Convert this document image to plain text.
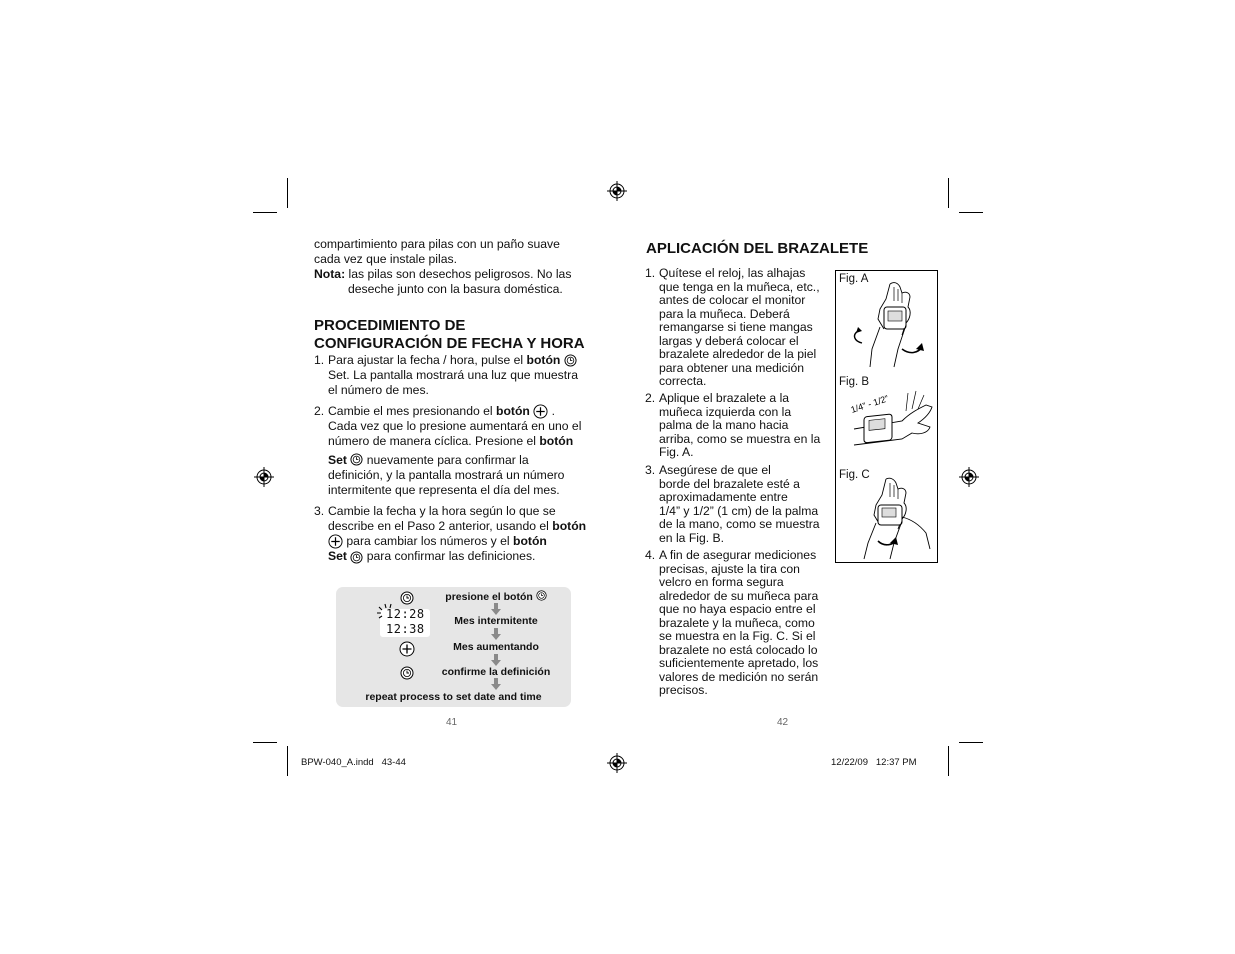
compartimiento para pilas con un paño suave
cada vez que instale pilas.
Nota: las pilas son desechos peligrosos. No las
deseche junto con la basura doméstica.
PROCEDIMIENTO DE
CONFIGURACIÓN DE FECHA Y HORA
1. Para ajustar la fecha / hora, pulse el botón
Set. La pantalla mostrará una luz que muestra
el número de mes.
2. Cambie el mes presionando el botón .
Cada vez que lo presione aumentará en uno el
número de manera cíclica. Presione el botón
Set nuevamente para confirmar la
definición, y la pantalla mostrará un número
intermitente que representa el día del mes.
3. Cambie la fecha y la hora según lo que se
describe en el Paso 2 anterior, usando el botón
para cambiar los números y el botón
Set para confirmar las definiciones.
12:28
12:38
presione el botón
Mes intermitente
Mes aumentando
confirme la definición
repeat process to set date and time
APLICACIÓN DEL BRAZALETE
1. Quítese el reloj, las alhajas
que tenga en la muñeca, etc.,
antes de colocar el monitor
para la muñeca. Deberá
remangarse si tiene mangas
largas y deberá colocar el
brazalete alrededor de la piel
para obtener una medición
correcta.
2. Aplique el brazalete a la
muñeca izquierda con la
palma de la mano hacia
arriba, como se muestra en la
Fig. A.
3. Asegúrese de que el
borde del brazalete esté a
aproximadamente entre
1/4” y 1/2” (1 cm) de la palma
de la mano, como se muestra
en la Fig. B.
4. A fin de asegurar mediciones
precisas, ajuste la tira con
velcro en forma segura
alrededor de su muñeca para
que no haya espacio entre el
brazalete y la muñeca, como
se muestra en la Fig. C. Si el
brazalete no está colocado lo
suficientemente apretado, los
valores de medición no serán
precisos.
Fig. A
Fig. B
1/4” - 1/2”
Fig. C
41	42
BPW-040_A.indd   43-44	12/22/09   12:37 PM
